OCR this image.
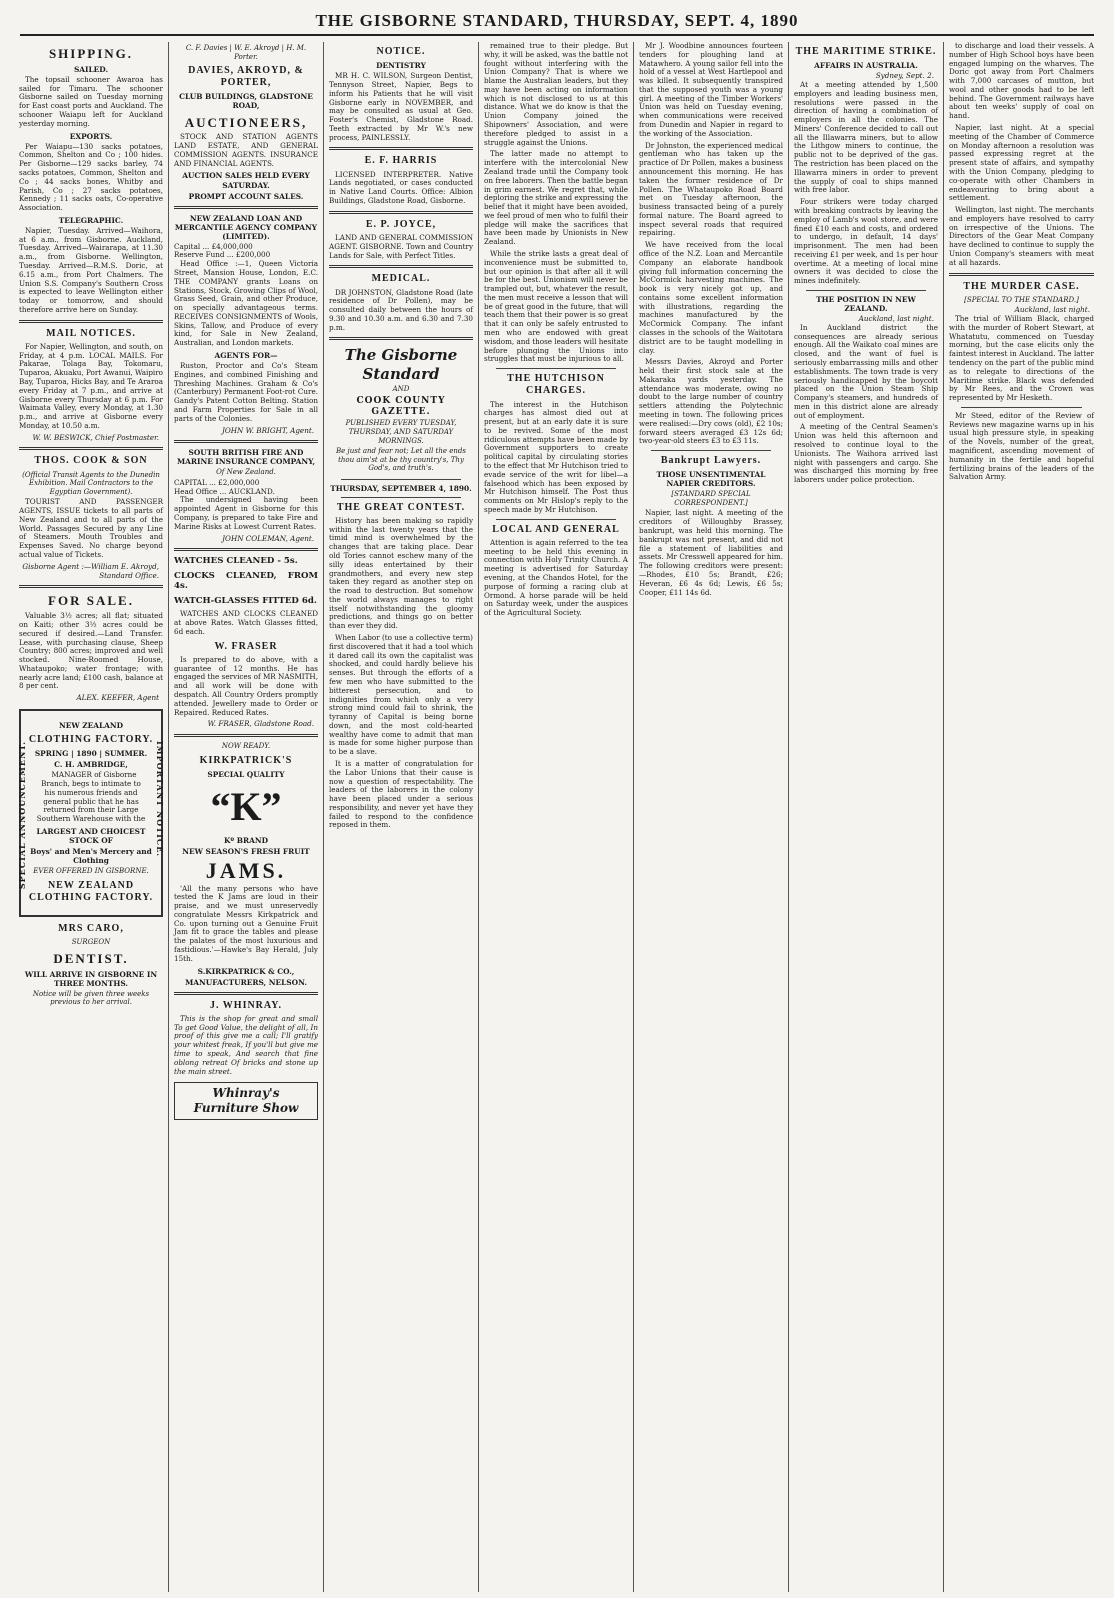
THE GISBORNE STANDARD, THURSDAY, SEPT. 4, 1890
SHIPPING.
SAILED.

The topsail schooner Awaroa has sailed for Timaru. The schooner Gisborne sailed on Tuesday morning for East coast ports and Auckland. The schooner Waiapu left for Auckland yesterday morning.

EXPORTS.

Per Waiapu—130 sacks potatoes, Common, Shelton and Co ; 100 hides. Per Gisborne—129 sacks barley, 74 sacks potatoes, Common, Shelton and Co ; 44 sacks bones, Whitby and Parish, Co ; 27 sacks potatoes, Kennedy ; 11 sacks oats, Co-operative Association.

TELEGRAPHIC.

Napier, Tuesday. Arrived—Waihora, at 6 a.m., from Gisborne. Auckland, Tuesday. Arrived—Wairarapa, at 11.30 a.m., from Gisborne. Wellington, Tuesday. Arrived—R.M.S. Doric, at 6.15 a.m., from Port Chalmers. The Union S.S. Company's Southern Cross is expected to leave Wellington either today or tomorrow, and should therefore arrive here on Sunday.

MAIL NOTICES.

For Napier, Wellington, and south, on Friday, at 4 p.m. LOCAL MAILS. For Pakarae, Tolaga Bay, Tokomaru, Tuparoa, Akuaku, Port Awanui, Waipiro Bay, Tuparoa, Hicks Bay, and Te Araroa every Friday at 7 p.m., and arrive at Gisborne every Thursday at 6 p.m. For Waimata Valley, every Monday, at 1.30 p.m., and arrive at Gisborne every Monday, at 10.50 a.m.

W. W. BESWICK, Chief Postmaster.
THOS. COOK & SON
(Official Transit Agents to the Dunedin Exhibition. Mail Contractors to the Egyptian Government).

TOURIST AND PASSENGER AGENTS, ISSUE tickets to all parts of New Zealand and to all parts of the World. Passages Secured by any Line of Steamers. Mouth Troubles and Expenses Saved. No charge beyond actual value of Tickets.

Gisborne Agent :—William E. Akroyd, Standard Office.
FOR SALE.

Valuable 3½ acres; all flat; situated on Kaiti; other 3½ acres could be secured if desired.—Land Transfer. Lease, with purchasing clause, Sheep Country; 800 acres; improved and well stocked. Nine-Roomed House, Whataupoko; water frontage; with nearly acre land; £100 cash, balance at 8 per cent.

ALEX. KEEFER, Agent
SPECIAL ANNOUNCEMENT.	IMPORTANT NOTICE.
NEW ZEALAND
CLOTHING FACTORY.
SPRING | 1890 | SUMMER.
C. H. AMBRIDGE,

MANAGER of Gisborne Branch, begs to intimate to his numerous friends and general public that he has returned from their Large Southern Warehouse with the

LARGEST AND CHOICEST STOCK OF
Boys' and Men's Mercery and Clothing
EVER OFFERED IN GISBORNE.
NEW ZEALAND CLOTHING FACTORY.
MRS CARO,
SURGEON
DENTIST.
WILL ARRIVE IN GISBORNE IN THREE MONTHS.
Notice will be given three weeks previous to her arrival.
C. F. Davies | W. E. Akroyd | H. M. Porter.
DAVIES, AKROYD, & PORTER,
CLUB BUILDINGS, GLADSTONE ROAD,
AUCTIONEERS,

STOCK AND STATION AGENTS LAND ESTATE, AND GENERAL COMMISSION AGENTS. INSURANCE AND FINANCIAL AGENTS.

AUCTION SALES HELD EVERY SATURDAY.
PROMPT ACCOUNT SALES.
NEW ZEALAND LOAN AND MERCANTILE AGENCY COMPANY (LIMITED).
Capital ... £4,000,000
Reserve Fund ... £200,000

Head Office :—1, Queen Victoria Street, Mansion House, London, E.C. THE COMPANY grants Loans on Stations, Stock, Growing Clips of Wool, Grass Seed, Grain, and other Produce, on specially advantageous terms. RECEIVES CONSIGNMENTS of Wools, Skins, Tallow, and Produce of every kind, for Sale in New Zealand, Australian, and London markets.

AGENTS FOR—

Ruston, Proctor and Co's Steam Engines, and combined Finishing and Threshing Machines. Graham & Co's (Canterbury) Permanent Foot-rot Cure. Gandy's Patent Cotton Belting. Station and Farm Properties for Sale in all parts of the Colonies.

JOHN W. BRIGHT, Agent.
SOUTH BRITISH FIRE AND MARINE INSURANCE COMPANY,
Of New Zealand.
CAPITAL ... £2,000,000
Head Office ... AUCKLAND.

The undersigned having been appointed Agent in Gisborne for this Company, is prepared to take Fire and Marine Risks at Lowest Current Rates.

JOHN COLEMAN, Agent.
WATCHES CLEANED - 5s.
CLOCKS CLEANED, FROM 4s.
WATCH-GLASSES FITTED 6d.

WATCHES AND CLOCKS CLEANED at above Rates. Watch Glasses fitted, 6d each.

W. FRASER

Is prepared to do above, with a guarantee of 12 months. He has engaged the services of MR NASMITH, and all work will be done with despatch. All Country Orders promptly attended. Jewellery made to Order or Repaired. Reduced Rates.

W. FRASER, Gladstone Road.
NOW READY.
KIRKPATRICK'S
SPECIAL QUALITY
“K”
Kº BRAND
NEW SEASON'S FRESH FRUIT
JAMS.

'All the many persons who have tested the K Jams are loud in their praise, and we must unreservedly congratulate Messrs Kirkpatrick and Co. upon turning out a Genuine Fruit Jam fit to grace the tables and please the palates of the most luxurious and fastidious.'—Hawke's Bay Herald, July 15th.

S.KIRKPATRICK & CO.,
MANUFACTURERS, NELSON.
J. WHINRAY.

This is the shop for great and small To get Good Value, the delight of all, In proof of this give me a call; I'll gratify your whitest freak, If you'll but give me time to speak, And search that fine oblong retreat Of bricks and stone up the main street.

Whinray's Furniture Show
NOTICE.
DENTISTRY

MR H. C. WILSON, Surgeon Dentist, Tennyson Street, Napier, Begs to inform his Patients that he will visit Gisborne early in NOVEMBER, and may be consulted as usual at Geo. Foster's Chemist, Gladstone Road. Teeth extracted by Mr W.'s new process, PAINLESSLY.

E. F. HARRIS

LICENSED INTERPRETER. Native Lands negotiated, or cases conducted in Native Land Courts. Office: Albion Buildings, Gladstone Road, Gisborne.

E. P. JOYCE,

LAND AND GENERAL COMMISSION AGENT. GISBORNE. Town and Country Lands for Sale, with Perfect Titles.

MEDICAL.

DR JOHNSTON, Gladstone Road (late residence of Dr Pollen), may be consulted daily between the hours of 9.30 and 10.30 a.m. and 6.30 and 7.30 p.m.

The Gisborne Standard
AND
COOK COUNTY GAZETTE.
PUBLISHED EVERY TUESDAY, THURSDAY, AND SATURDAY MORNINGS.
Be just and fear not; Let all the ends thou aim'st at be thy country's, Thy God's, and truth's.
THURSDAY, SEPTEMBER 4, 1890.
THE GREAT CONTEST.

History has been making so rapidly within the last twenty years that the timid mind is overwhelmed by the changes that are taking place. Dear old Tories cannot eschew many of the silly ideas entertained by their grandmothers, and every new step taken they regard as another step on the road to destruction. But somehow the world always manages to right itself notwithstanding the gloomy predictions, and things go on better than ever they did.

When Labor (to use a collective term) first discovered that it had a tool which it dared call its own the capitalist was shocked, and could hardly believe his senses. But through the efforts of a few men who have submitted to the bitterest persecution, and to indignities from which only a very strong mind could fail to shrink, the tyranny of Capital is being borne down, and the most cold-hearted wealthy have come to admit that man is made for some higher purpose than to be a slave.

It is a matter of congratulation for the Labor Unions that their cause is now a question of respectability. The leaders of the laborers in the colony have been placed under a serious responsibility, and never yet have they failed to respond to the confidence reposed in them.

remained true to their pledge. But why, it will be asked, was the battle not fought without interfering with the Union Company? That is where we blame the Australian leaders, but they may have been acting on information which is not disclosed to us at this distance. What we do know is that the Union Company joined the Shipowners' Association, and were therefore pledged to assist in a struggle against the Unions.

The latter made no attempt to interfere with the intercolonial New Zealand trade until the Company took on free laborers. Then the battle began in grim earnest. We regret that, while deploring the strike and expressing the belief that it might have been avoided, we feel proud of men who to fulfil their pledge will make the sacrifices that have been made by Unionists in New Zealand.

While the strike lasts a great deal of inconvenience must be submitted to, but our opinion is that after all it will be for the best. Unionism will never be trampled out, but, whatever the result, the men must receive a lesson that will be of great good in the future, that will teach them that their power is so great that it can only be safely entrusted to men who are endowed with great wisdom, and those leaders will hesitate before plunging the Unions into struggles that must be injurious to all.

THE HUTCHISON CHARGES.

The interest in the Hutchison charges has almost died out at present, but at an early date it is sure to be revived. Some of the most ridiculous attempts have been made by Government supporters to create political capital by circulating stories to the effect that Mr Hutchison tried to evade service of the writ for libel—a falsehood which has been exposed by Mr Hutchison himself. The Post thus comments on Mr Hislop's reply to the speech made by Mr Hutchison.

LOCAL AND GENERAL

Attention is again referred to the tea meeting to be held this evening in connection with Holy Trinity Church. A meeting is advertised for Saturday evening, at the Chandos Hotel, for the purpose of forming a racing club at Ormond. A horse parade will be held on Saturday week, under the auspices of the Agricultural Society.

Mr J. Woodbine announces fourteen tenders for ploughing land at Matawhero. A young sailor fell into the hold of a vessel at West Hartlepool and was killed. It subsequently transpired that the supposed youth was a young girl. A meeting of the Timber Workers' Union was held on Tuesday evening, when communications were received from Dunedin and Napier in regard to the working of the Association.

Dr Johnston, the experienced medical gentleman who has taken up the practice of Dr Pollen, makes a business announcement this morning. He has taken the former residence of Dr Pollen. The Whataupoko Road Board met on Tuesday afternoon, the business transacted being of a purely formal nature. The Board agreed to inspect several roads that required repairing.

We have received from the local office of the N.Z. Loan and Mercantile Company an elaborate handbook giving full information concerning the McCormick harvesting machines. The book is very nicely got up, and contains some excellent information with illustrations, regarding the machines manufactured by the McCormick Company. The infant classes in the schools of the Waitotara district are to be taught modelling in clay.

Messrs Davies, Akroyd and Porter held their first stock sale at the Makaraka yards yesterday. The attendance was moderate, owing no doubt to the large number of country settlers attending the Polytechnic meeting in town. The following prices were realised:—Dry cows (old), £2 10s; forward steers averaged £3 12s 6d; two-year-old steers £3 to £3 11s.

Bankrupt Lawyers.
THOSE UNSENTIMENTAL NAPIER CREDITORS.
[STANDARD SPECIAL CORRESPONDENT.]

Napier, last night. A meeting of the creditors of Willoughby Brassey, bankrupt, was held this morning. The bankrupt was not present, and did not file a statement of liabilities and assets. Mr Cresswell appeared for him. The following creditors were present:—Rhodes, £10 5s; Brandt, £26; Heveran, £6 4s 6d; Lewis, £6 5s; Cooper, £11 14s 6d.

THE MARITIME STRIKE.
AFFAIRS IN AUSTRALIA.
Sydney, Sept. 2.

At a meeting attended by 1,500 employers and leading business men, resolutions were passed in the direction of having a combination of employers in all the colonies. The Miners' Conference decided to call out all the Illawarra miners, but to allow the Lithgow miners to continue, the public not to be deprived of the gas. The restriction has been placed on the Illawarra miners in order to prevent the supply of coal to ships manned with free labor.

Four strikers were today charged with breaking contracts by leaving the employ of Lamb's wool store, and were fined £10 each and costs, and ordered to undergo, in default, 14 days' imprisonment. The men had been receiving £1 per week, and 1s per hour overtime. At a meeting of local mine owners it was decided to close the mines indefinitely.

THE POSITION IN NEW ZEALAND.
Auckland, last night.

In Auckland district the consequences are already serious enough. All the Waikato coal mines are closed, and the want of fuel is seriously embarrassing mills and other establishments. The town trade is very seriously handicapped by the boycott placed on the Union Steam Ship Company's steamers, and hundreds of men in this district alone are already out of employment.

A meeting of the Central Seamen's Union was held this afternoon and resolved to continue loyal to the Unionists. The Waihora arrived last night with passengers and cargo. She was discharged this morning by free laborers under police protection.

to discharge and load their vessels. A number of High School boys have been engaged lumping on the wharves. The Doric got away from Port Chalmers with 7,000 carcases of mutton, but wool and other goods had to be left behind. The Government railways have about ten weeks' supply of coal on hand.

Napier, last night. At a special meeting of the Chamber of Commerce on Monday afternoon a resolution was passed expressing regret at the present state of affairs, and sympathy with the Union Company, pledging to co-operate with other Chambers in endeavouring to bring about a settlement.

Wellington, last night. The merchants and employers have resolved to carry on irrespective of the Unions. The Directors of the Gear Meat Company have declined to continue to supply the Union Company's steamers with meat at all hazards.

THE MURDER CASE.
[SPECIAL TO THE STANDARD.]
Auckland, last night.

The trial of William Black, charged with the murder of Robert Stewart, at Whatatutu, commenced on Tuesday morning, but the case elicits only the faintest interest in Auckland. The latter tendency on the part of the public mind as to relegate to directions of the Maritime strike. Black was defended by Mr Rees, and the Crown was represented by Mr Hesketh.

Mr Steed, editor of the Review of Reviews new magazine warns up in his usual high pressure style, in speaking of the Novels, number of the great, magnificent, ascending movement of humanity in the fertile and hopeful fertilizing brains of the leaders of the Salvation Army.
